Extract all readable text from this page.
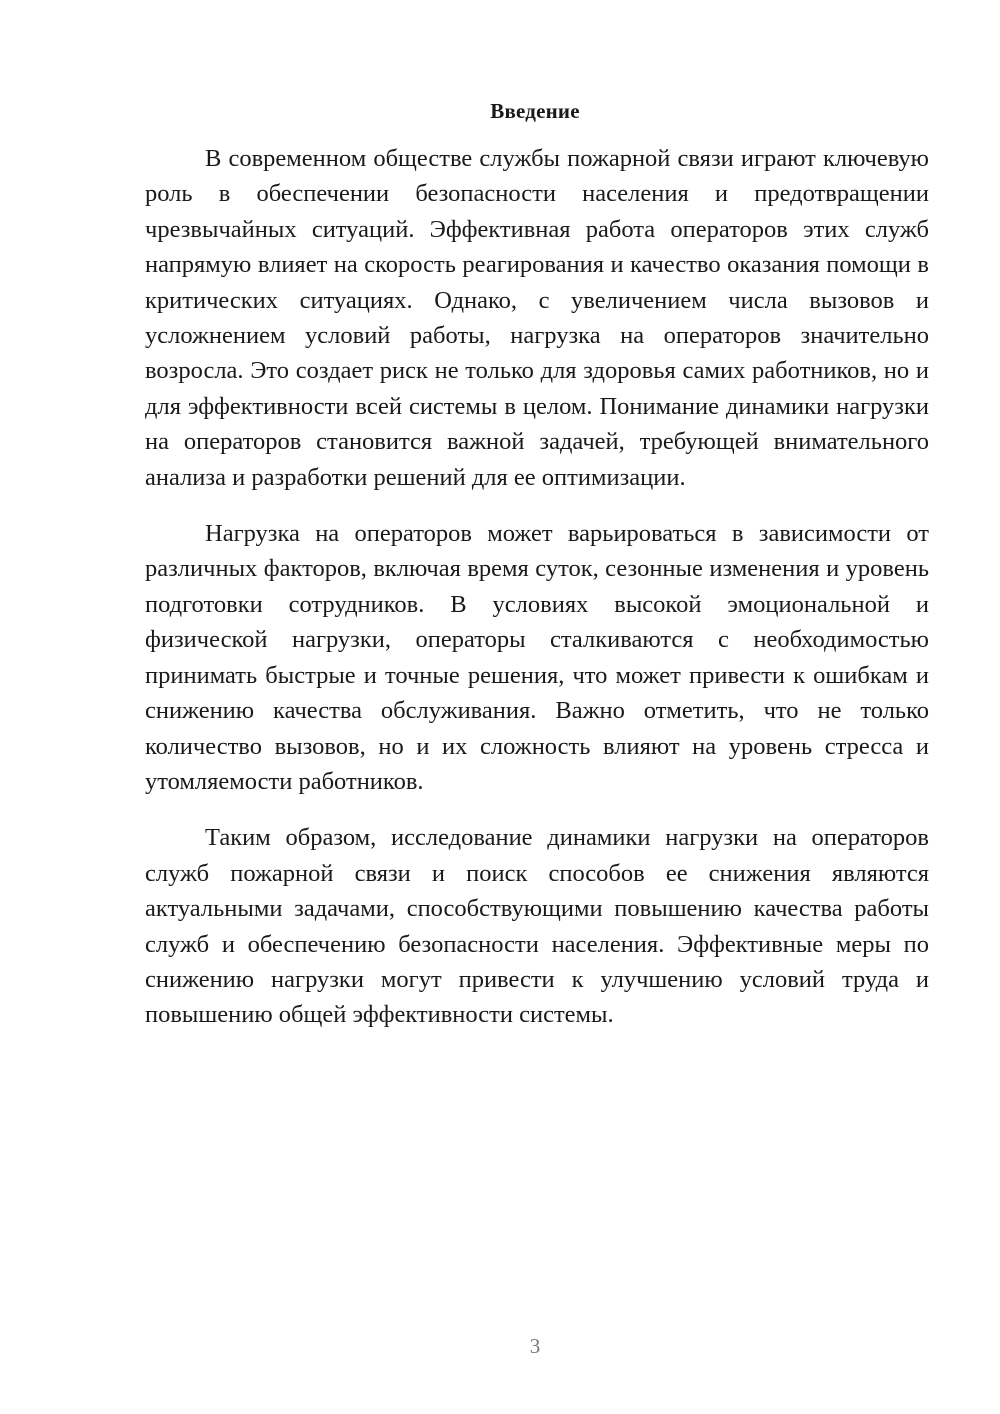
Введение

В современном обществе службы пожарной связи играют ключевую роль в обеспечении безопасности населения и предотвращении чрезвычайных ситуаций. Эффективная работа операторов этих служб напрямую влияет на скорость реагирования и качество оказания помощи в критических ситуациях. Однако, с увеличением числа вызовов и усложнением условий работы, нагрузка на операторов значительно возросла. Это создает риск не только для здоровья самих работников, но и для эффективности всей системы в целом. Понимание динамики нагрузки на операторов становится важной задачей, требующей внимательного анализа и разработки решений для ее оптимизации.

Нагрузка на операторов может варьироваться в зависимости от различных факторов, включая время суток, сезонные изменения и уровень подготовки сотрудников. В условиях высокой эмоциональной и физической нагрузки, операторы сталкиваются с необходимостью принимать быстрые и точные решения, что может привести к ошибкам и снижению качества обслуживания. Важно отметить, что не только количество вызовов, но и их сложность влияют на уровень стресса и утомляемости работников.

Таким образом, исследование динамики нагрузки на операторов служб пожарной связи и поиск способов ее снижения являются актуальными задачами, способствующими повышению качества работы служб и обеспечению безопасности населения. Эффективные меры по снижению нагрузки могут привести к улучшению условий труда и повышению общей эффективности системы.

3
